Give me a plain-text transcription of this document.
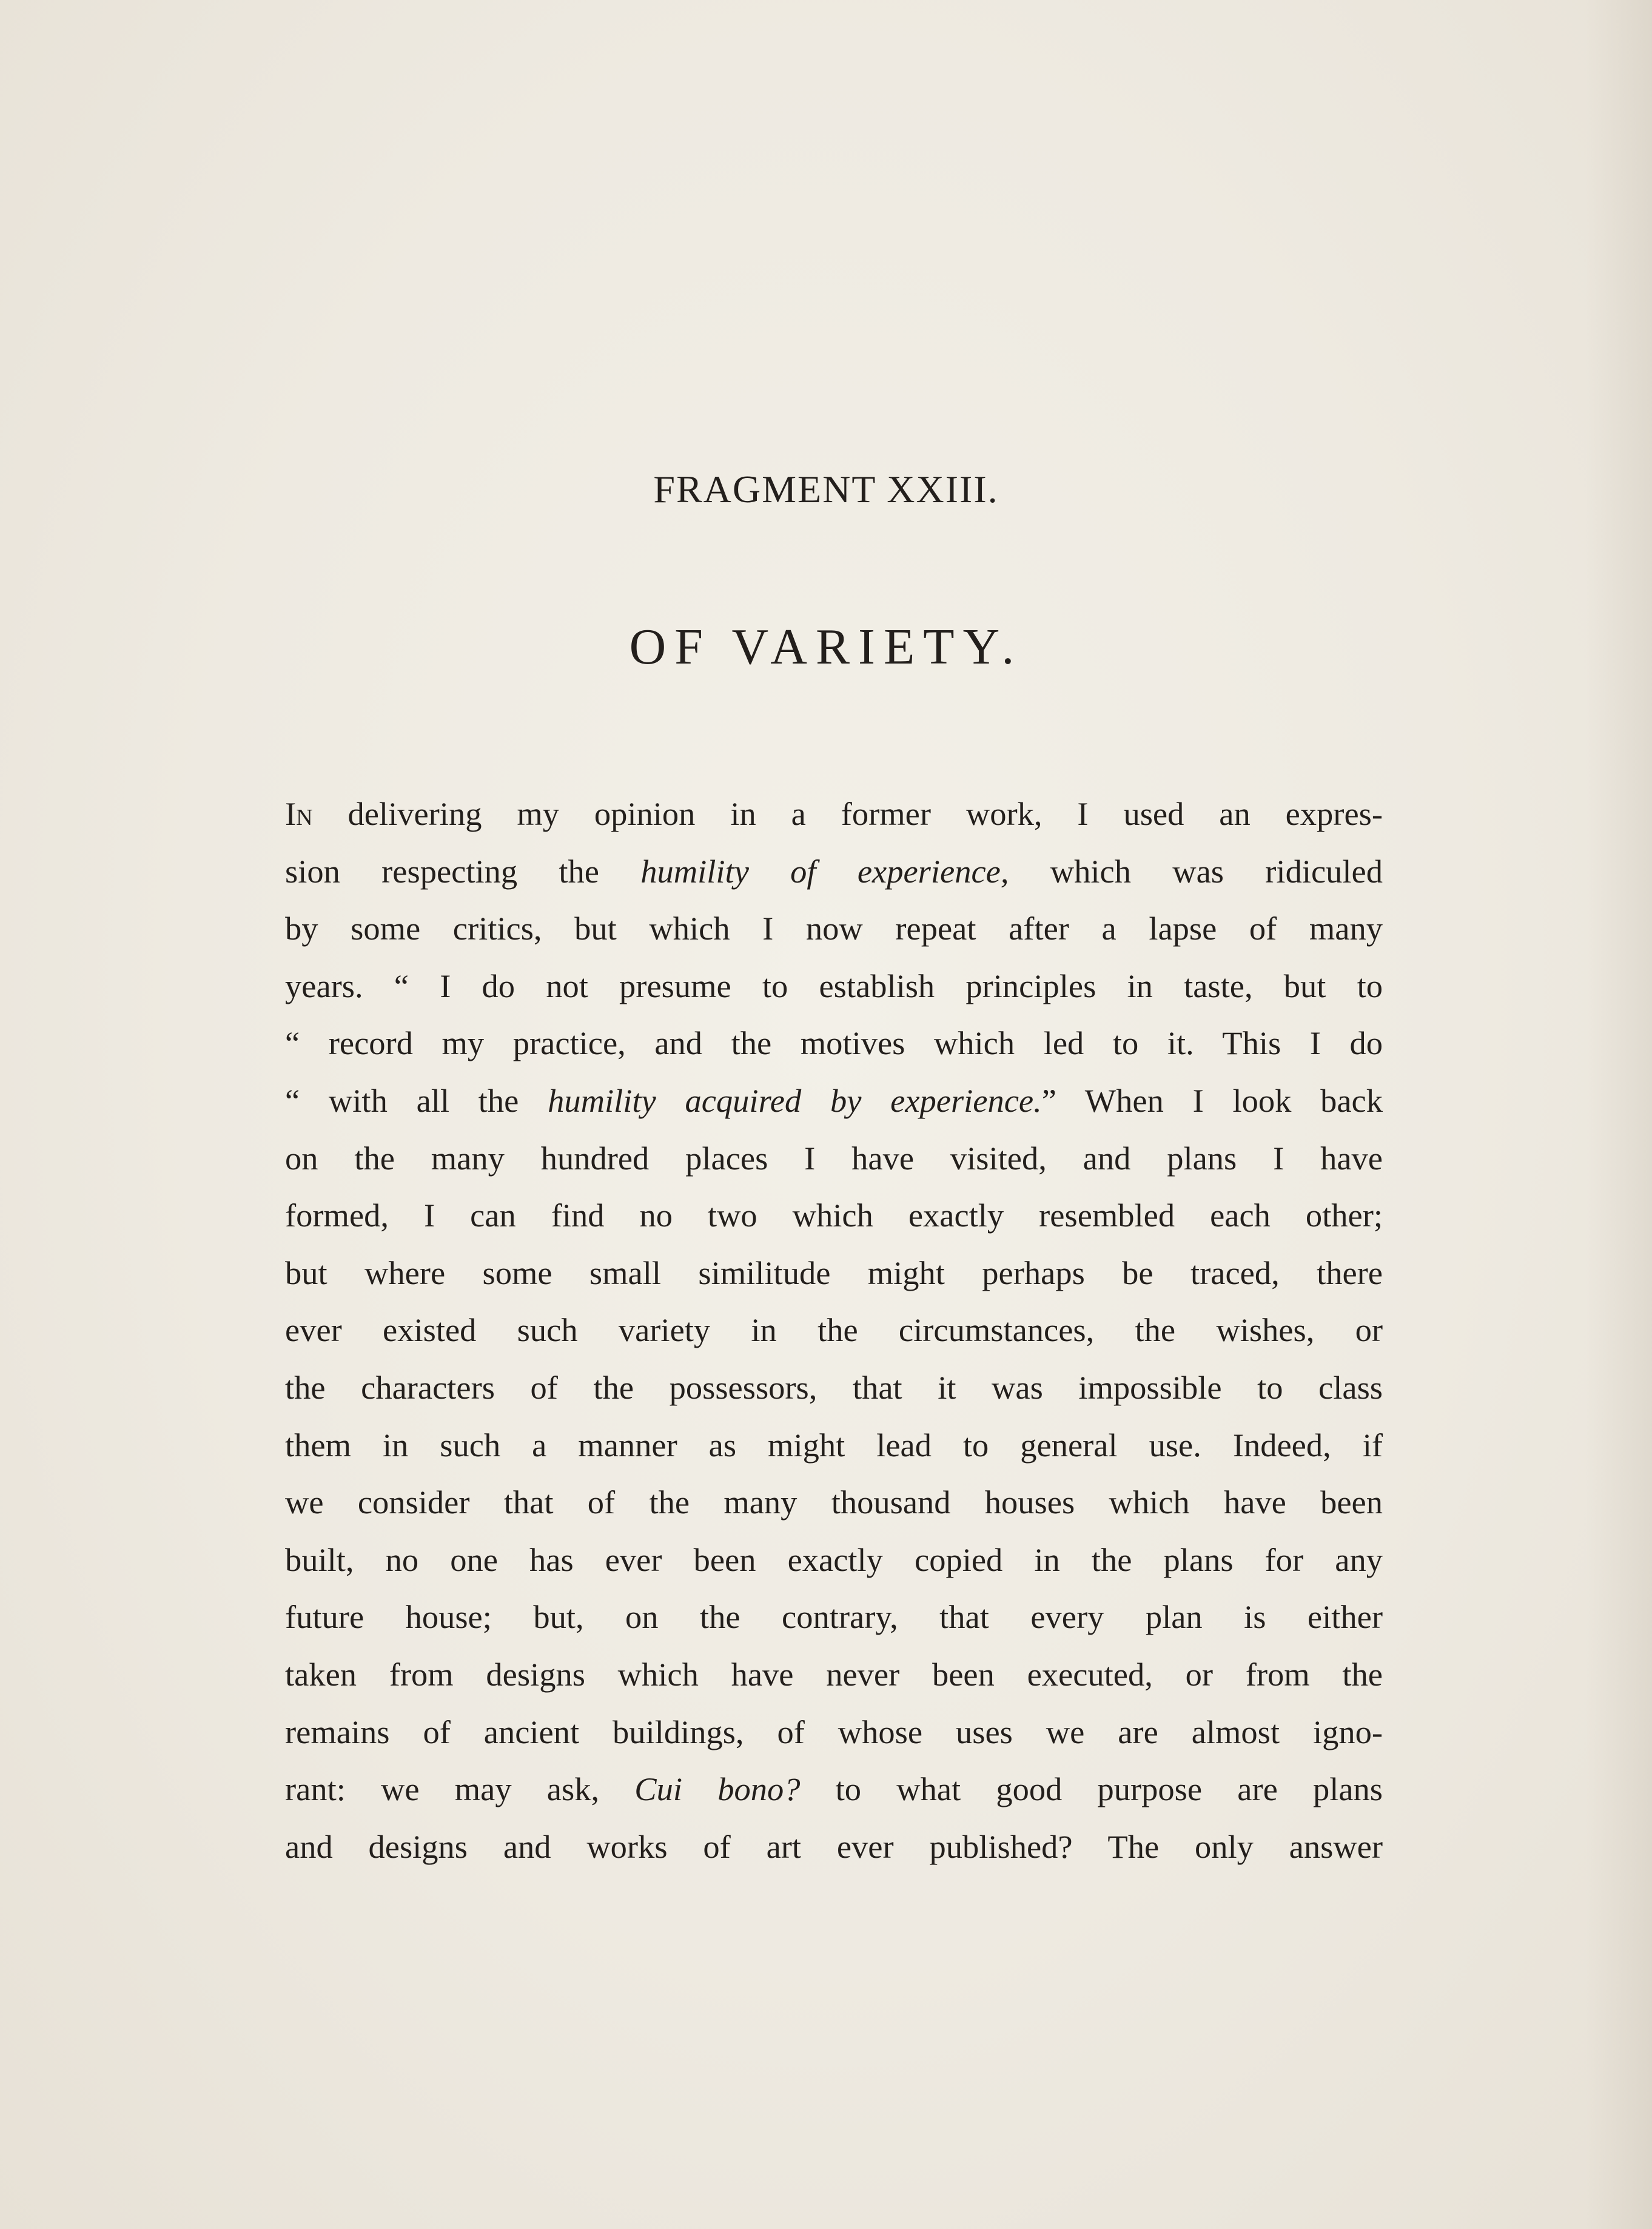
FRAGMENT XXIII.
OF VARIETY.
In delivering my opinion in a former work, I used an expres-
sion respecting the humility of experience, which was ridiculed
by some critics, but which I now repeat after a lapse of many
years. “ I do not presume to establish principles in taste, but to
“ record my practice, and the motives which led to it. This I do
“ with all the humility acquired by experience.” When I look back
on the many hundred places I have visited, and plans I have
formed, I can find no two which exactly resembled each other;
but where some small similitude might perhaps be traced, there
ever existed such variety in the circumstances, the wishes, or
the characters of the possessors, that it was impossible to class
them in such a manner as might lead to general use. Indeed, if
we consider that of the many thousand houses which have been
built, no one has ever been exactly copied in the plans for any
future house; but, on the contrary, that every plan is either
taken from designs which have never been executed, or from the
remains of ancient buildings, of whose uses we are almost igno-
rant: we may ask, Cui bono? to what good purpose are plans
and designs and works of art ever published? The only answer
